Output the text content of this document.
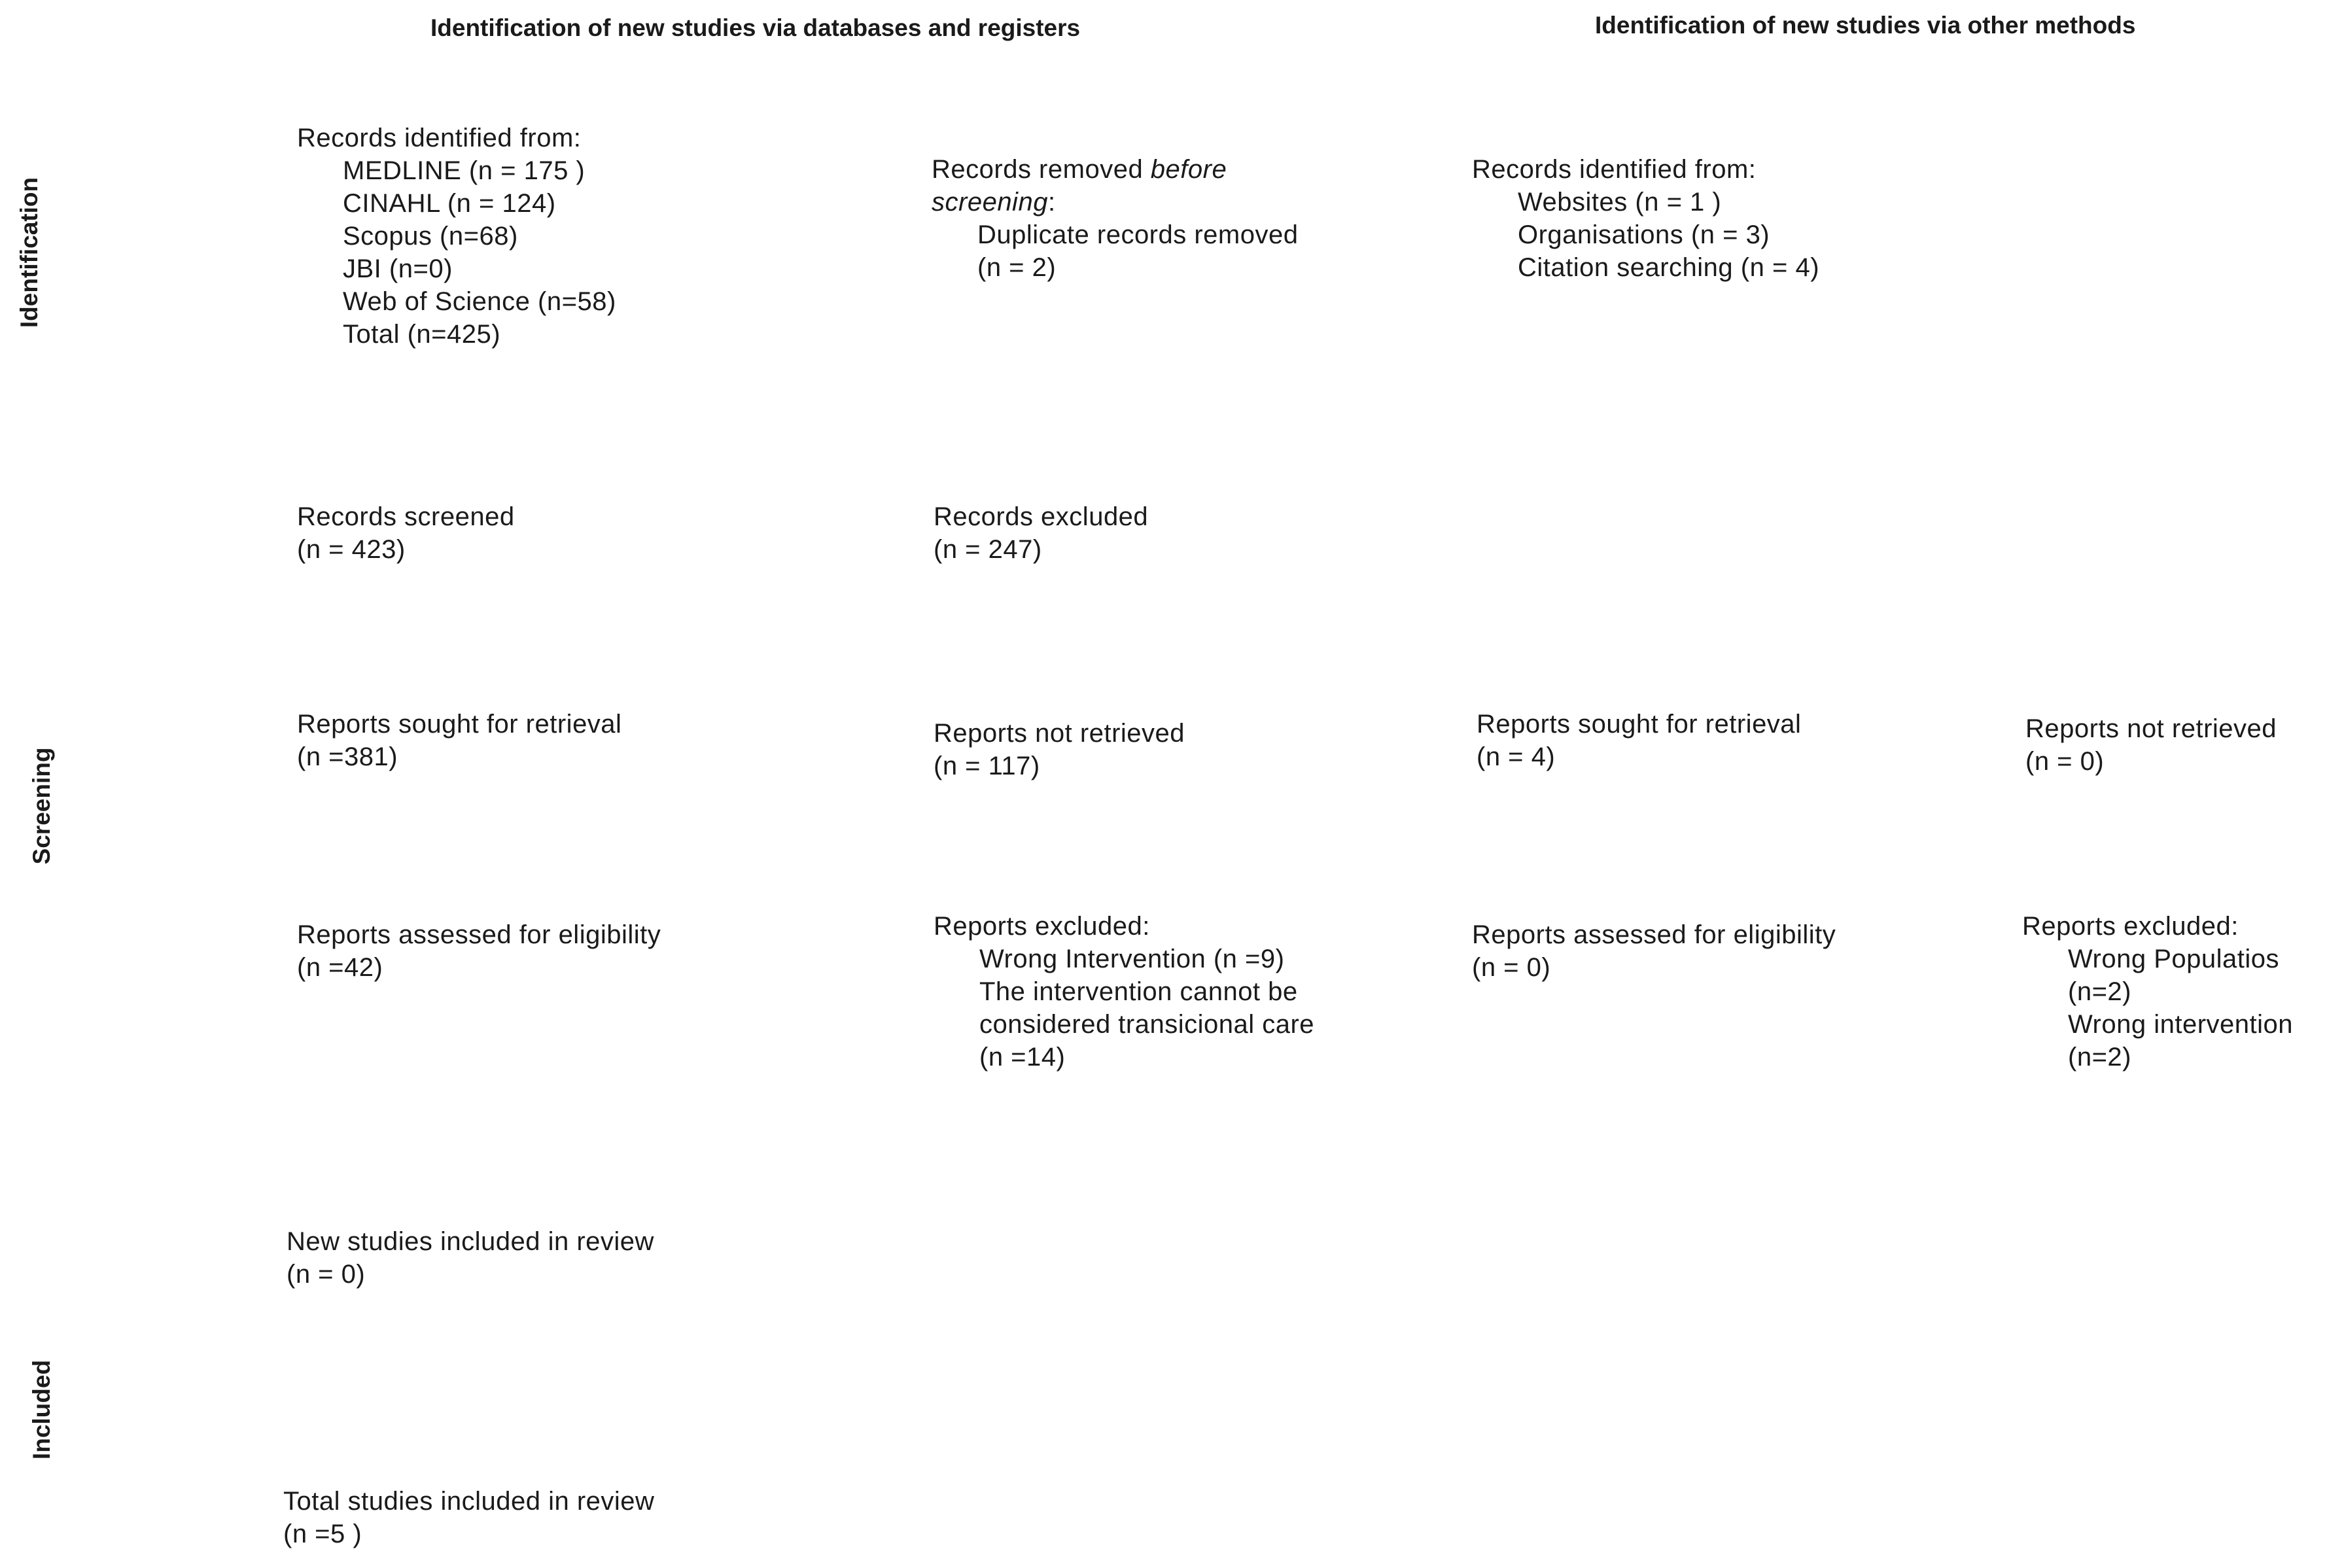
Identification of new studies via databases and registers	Identification of new studies via other methods
Identification
Screening
Included
Records identified from:
MEDLINE (n = 175 )
CINAHL (n = 124)
Scopus (n=68)
JBI (n=0)
Web of Science (n=58)
Total (n=425)
Records removed before
screening:
Duplicate records removed
(n = 2)
Records identified from:
Websites (n = 1 )
Organisations (n = 3)
Citation searching (n = 4)
Records screened
(n = 423)
Records excluded
(n = 247)
Reports sought for retrieval
(n =381)
Reports not retrieved
(n = 117)
Reports sought for retrieval
(n = 4)
Reports not retrieved
(n = 0)
Reports assessed for eligibility
(n =42)
Reports excluded:
Wrong Intervention (n =9)
The intervention cannot be
considered transicional care
(n =14)
Reports assessed for eligibility
(n = 0)
Reports excluded:
Wrong Populatios
(n=2)
Wrong intervention
(n=2)
New studies included in review
(n = 0)
Total studies included in review
(n =5 )
